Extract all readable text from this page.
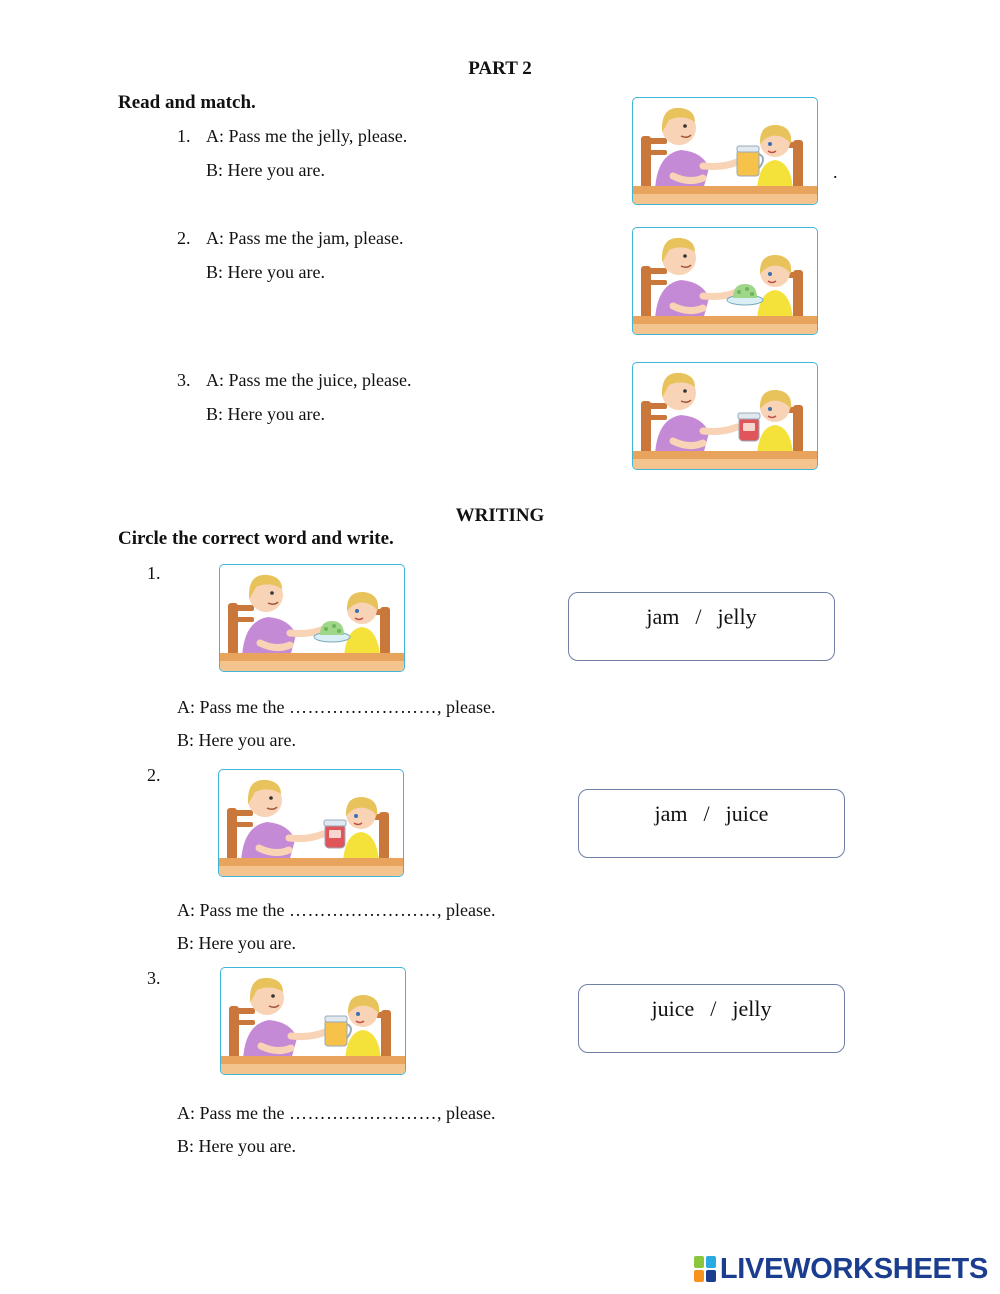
PART 2
Read and match.
1. A: Pass me the jelly, please.
B: Here you are.	.
2. A: Pass me the jam, please.
B: Here you are.
3. A: Pass me the juice, please.
B: Here you are.
WRITING
Circle the correct word and write.
1.
jam / jelly
A: Pass me the ……………………, please.
B: Here you are.
2.
jam / juice
A: Pass me the ……………………, please.
B: Here you are.
3.
juice / jelly
A: Pass me the ……………………, please.
B: Here you are.
LIVEWORKSHEETS
